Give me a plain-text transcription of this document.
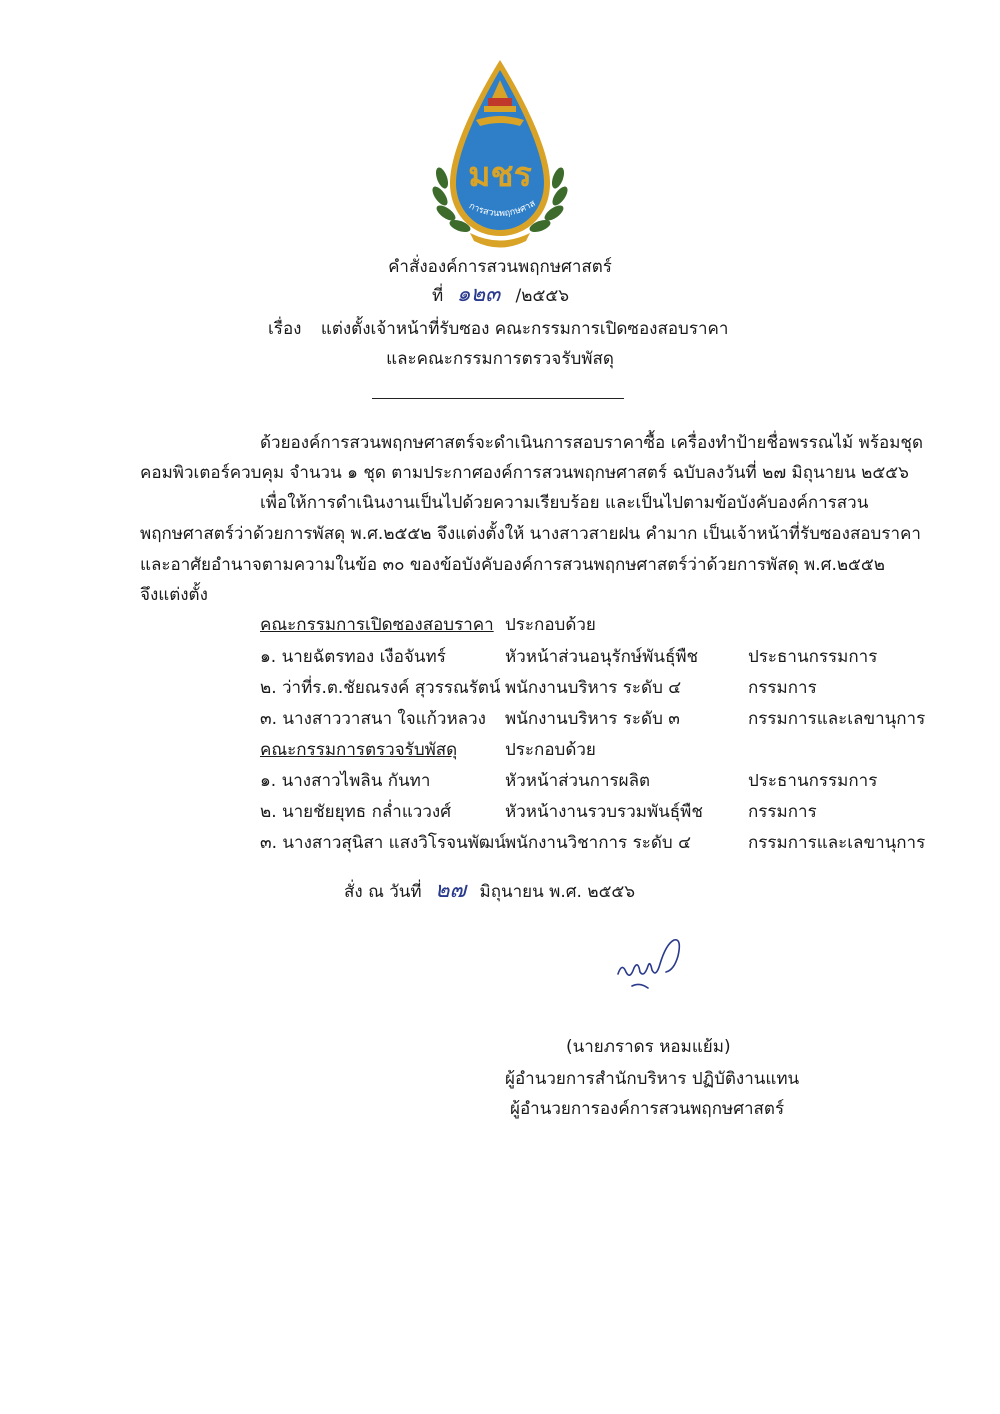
มชร
การสวนพฤกษศาส
คำสั่งองค์การสวนพฤกษศาสตร์
ที่ ๑๒๓ /๒๕๕๖
เรื่อง แต่งตั้งเจ้าหน้าที่รับซอง คณะกรรมการเปิดซองสอบราคา
และคณะกรรมการตรวจรับพัสดุ
ด้วยองค์การสวนพฤกษศาสตร์จะดำเนินการสอบราคาซื้อ เครื่องทำป้ายชื่อพรรณไม้ พร้อมชุด
คอมพิวเตอร์ควบคุม จำนวน ๑ ชุด ตามประกาศองค์การสวนพฤกษศาสตร์ ฉบับลงวันที่ ๒๗ มิถุนายน ๒๕๕๖
เพื่อให้การดำเนินงานเป็นไปด้วยความเรียบร้อย และเป็นไปตามข้อบังคับองค์การสวน
พฤกษศาสตร์ว่าด้วยการพัสดุ พ.ศ.๒๕๕๒ จึงแต่งตั้งให้ นางสาวสายฝน คำมาก เป็นเจ้าหน้าที่รับซองสอบราคา
และอาศัยอำนาจตามความในข้อ ๓๐ ของข้อบังคับองค์การสวนพฤกษศาสตร์ว่าด้วยการพัสดุ พ.ศ.๒๕๕๒
จึงแต่งตั้ง
คณะกรรมการเปิดซองสอบราคา ประกอบด้วย
๑. นายฉัตรทอง เงือจันทร์	หัวหน้าส่วนอนุรักษ์พันธุ์พืช	ประธานกรรมการ
๒. ว่าที่ร.ต.ชัยณรงค์ สุวรรณรัตน์ พนักงานบริหาร ระดับ ๔	กรรมการ
๓. นางสาววาสนา ใจแก้วหลวง พนักงานบริหาร ระดับ ๓	กรรมการและเลขานุการ
คณะกรรมการตรวจรับพัสดุ	ประกอบด้วย
๑. นางสาวไพลิน กันทา	หัวหน้าส่วนการผลิต	ประธานกรรมการ
๒. นายชัยยุทธ กล่ำแววงศ์	หัวหน้างานรวบรวมพันธุ์พืช	กรรมการ
๓. นางสาวสุนิสา แสงวิโรจนพัฒน์ พนักงานวิชาการ ระดับ ๔	กรรมการและเลขานุการ
สั่ง ณ วันที่ ๒๗ มิถุนายน พ.ศ. ๒๕๕๖
(นายภราดร หอมแย้ม)
ผู้อำนวยการสำนักบริหาร ปฏิบัติงานแทน
ผู้อำนวยการองค์การสวนพฤกษศาสตร์
